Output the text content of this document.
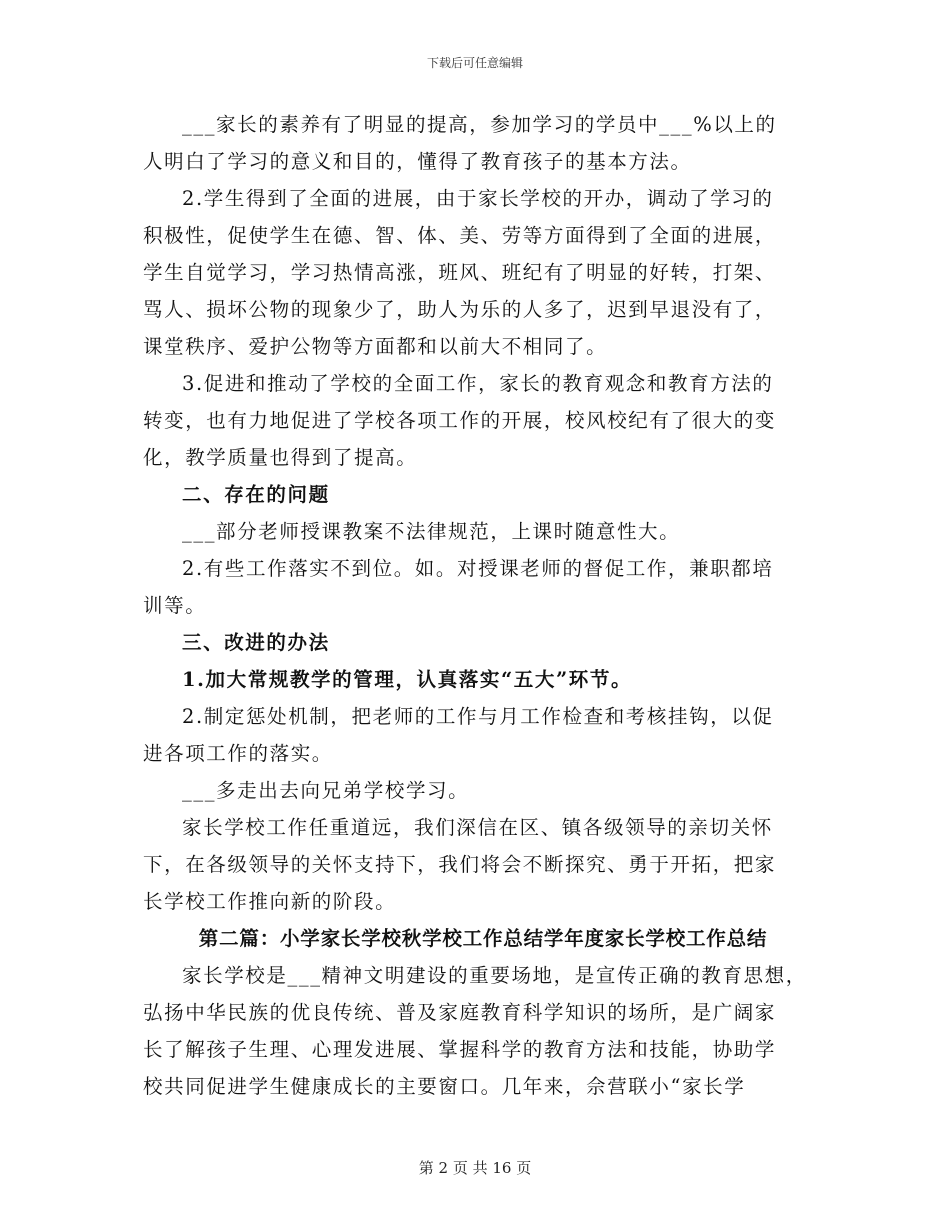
下载后可任意编辑

___家长的素养有了明显的提高，参加学习的学员中___%以上的

人明白了学习的意义和目的，懂得了教育孩子的基本方法。

2.学生得到了全面的进展，由于家长学校的开办，调动了学习的

积极性，促使学生在德、智、体、美、劳等方面得到了全面的进展，

学生自觉学习，学习热情高涨，班风、班纪有了明显的好转，打架、

骂人、损坏公物的现象少了，助人为乐的人多了，迟到早退没有了，

课堂秩序、爱护公物等方面都和以前大不相同了。

3.促进和推动了学校的全面工作，家长的教育观念和教育方法的

转变，也有力地促进了学校各项工作的开展，校风校纪有了很大的变

化，教学质量也得到了提高。

二、存在的问题

___部分老师授课教案不法律规范，上课时随意性大。

2.有些工作落实不到位。如。对授课老师的督促工作，兼职都培

训等。

三、改进的办法

1.加大常规教学的管理，认真落实“五大”环节。

2.制定惩处机制，把老师的工作与月工作检查和考核挂钩，以促

进各项工作的落实。

___多走出去向兄弟学校学习。

家长学校工作任重道远，我们深信在区、镇各级领导的亲切关怀

下，在各级领导的关怀支持下，我们将会不断探究、勇于开拓，把家

长学校工作推向新的阶段。

第二篇：小学家长学校秋学校工作总结学年度家长学校工作总结

家长学校是___精神文明建设的重要场地，是宣传正确的教育思想，

弘扬中华民族的优良传统、普及家庭教育科学知识的场所，是广阔家

长了解孩子生理、心理发进展、掌握科学的教育方法和技能，协助学

校共同促进学生健康成长的主要窗口。几年来，佘营联小“家长学

第 2 页 共 16 页
